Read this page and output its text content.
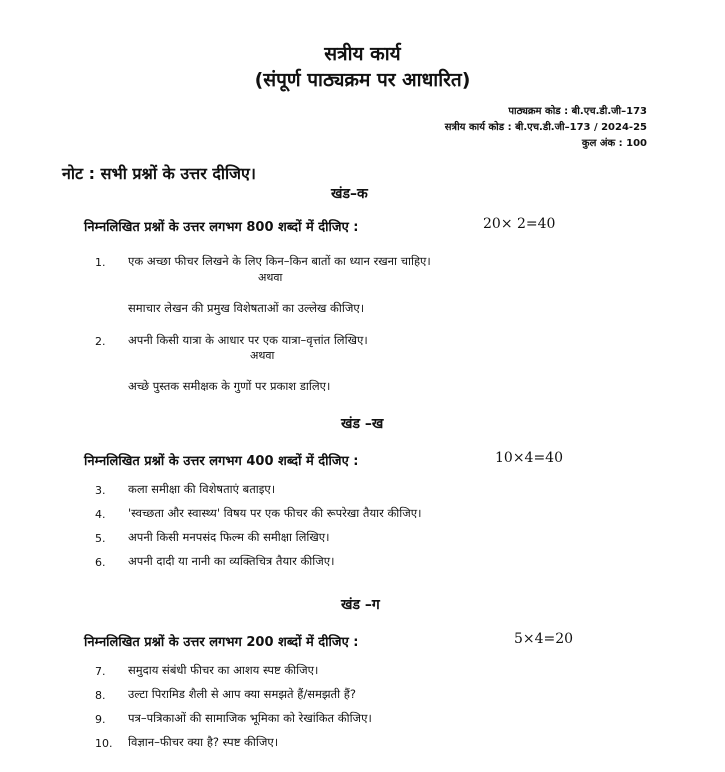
सत्रीय कार्य
(संपूर्ण पाठ्यक्रम पर आधारित)
पाठ्यक्रम कोड : बी.एच.डी.जी–173
सत्रीय कार्य कोड : बी.एच.डी.जी–173 / 2024-25
कुल अंक : 100
नोट : सभी प्रश्नों के उत्तर दीजिए।
खंड–क
निम्नलिखित प्रश्नों के उत्तर लगभग 800 शब्दों में दीजिए :	20× 2=40
1. एक अच्छा फीचर लिखने के लिए किन–किन बातों का ध्यान रखना चाहिए।
अथवा
समाचार लेखन की प्रमुख विशेषताओं का उल्लेख कीजिए।
2. अपनी किसी यात्रा के आधार पर एक यात्रा–वृत्तांत लिखिए।
अथवा
अच्छे पुस्तक समीक्षक के गुणों पर प्रकाश डालिए।
खंड –ख
निम्नलिखित प्रश्नों के उत्तर लगभग 400 शब्दों में दीजिए :	10×4=40
3. कला समीक्षा की विशेषताएं बताइए।
4. 'स्वच्छता और स्वास्थ्य' विषय पर एक फीचर की रूपरेखा तैयार कीजिए।
5. अपनी किसी मनपसंद फिल्म की समीक्षा लिखिए।
6. अपनी दादी या नानी का व्यक्तिचित्र तैयार कीजिए।
खंड –ग
निम्नलिखित प्रश्नों के उत्तर लगभग 200 शब्दों में दीजिए :	5×4=20
7. समुदाय संबंधी फीचर का आशय स्पष्ट कीजिए।
8. उल्टा पिरामिड शैली से आप क्या समझते हैं/समझती हैं?
9. पत्र–पत्रिकाओं की सामाजिक भूमिका को रेखांकित कीजिए।
10. विज्ञान–फीचर क्या है? स्पष्ट कीजिए।
